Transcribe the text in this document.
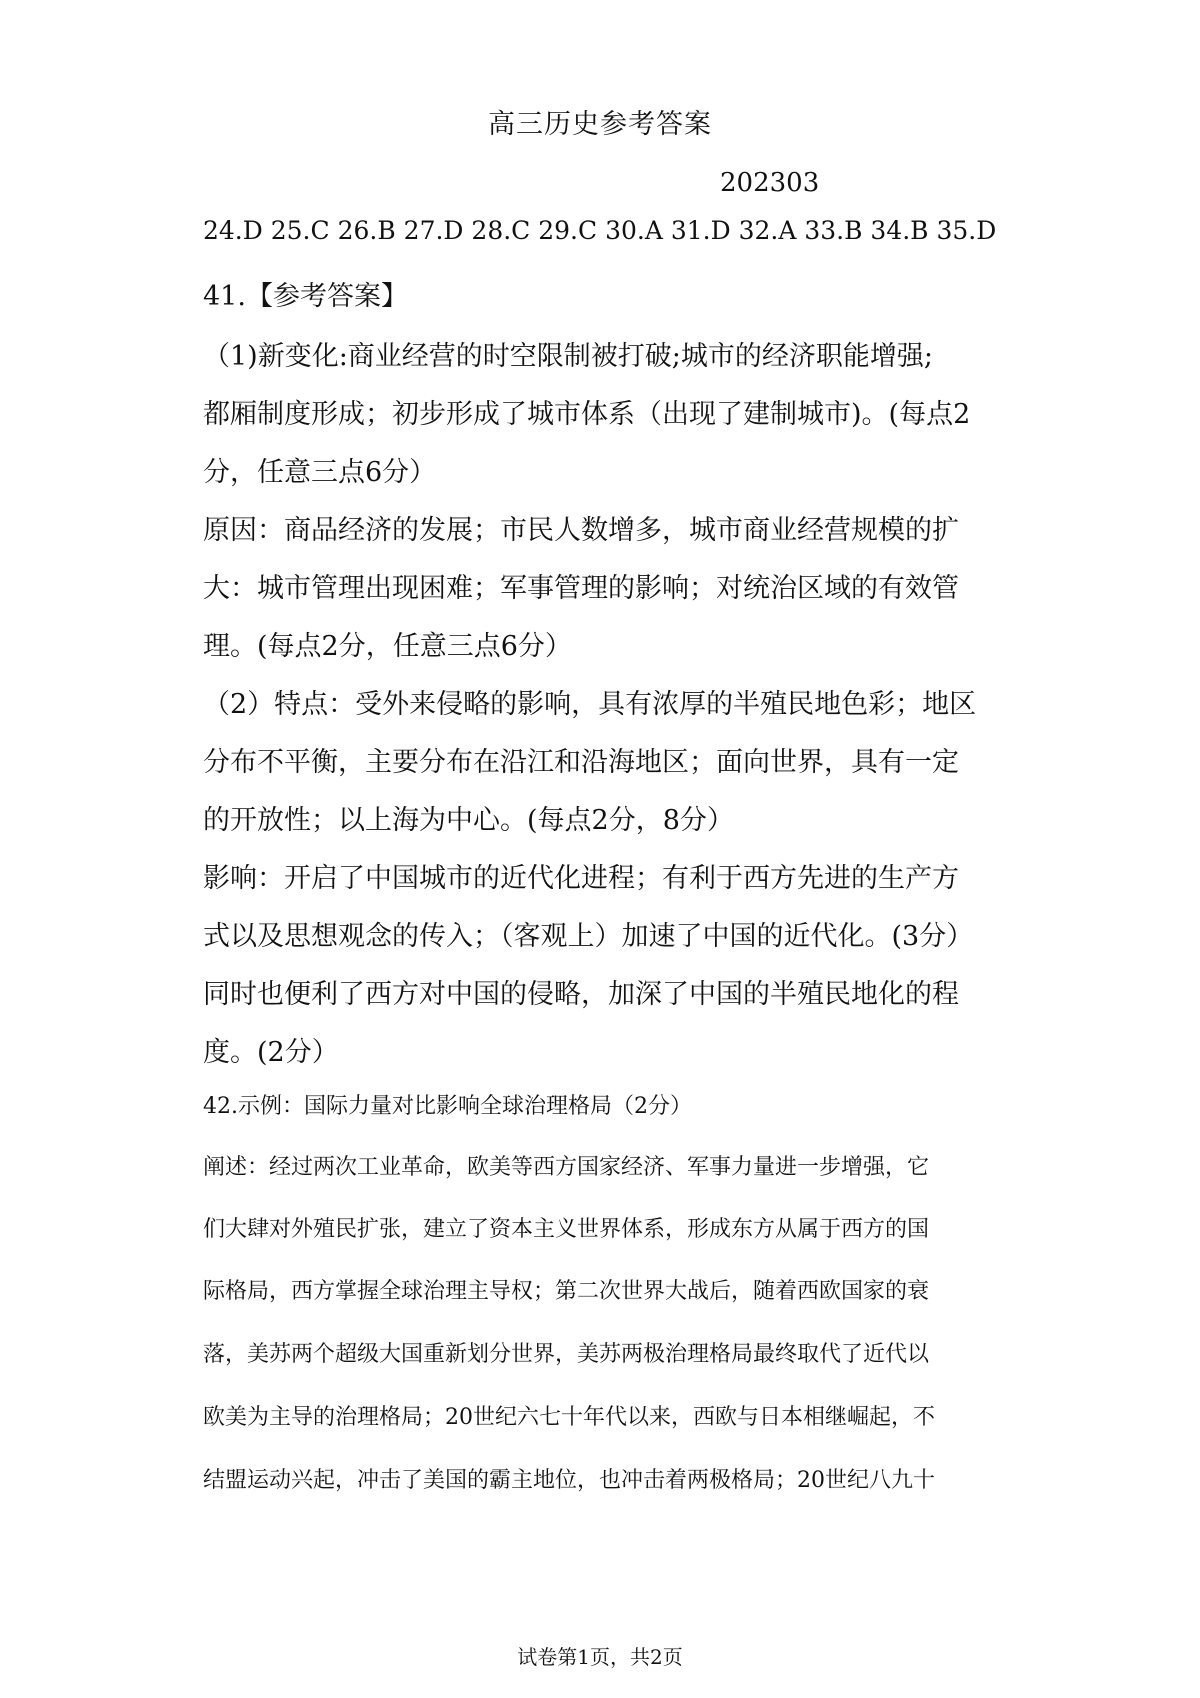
高三历史参考答案
202303
24.D 25.C 26.B 27.D 28.C 29.C 30.A 31.D 32.A 33.B 34.B 35.D
41.【参考答案】
（1)新变化:商业经营的时空限制被打破;城市的经济职能增强;
都厢制度形成；初步形成了城市体系（出现了建制城市)。(每点2
分，任意三点6分）
原因：商品经济的发展；市民人数增多，城市商业经营规模的扩
大：城市管理出现困难；军事管理的影响；对统治区域的有效管
理。(每点2分，任意三点6分）
（2）特点：受外来侵略的影响，具有浓厚的半殖民地色彩；地区
分布不平衡，主要分布在沿江和沿海地区；面向世界，具有一定
的开放性；以上海为中心。(每点2分，8分）
影响：开启了中国城市的近代化进程；有利于西方先进的生产方
式以及思想观念的传入；（客观上）加速了中国的近代化。(3分）
同时也便利了西方对中国的侵略，加深了中国的半殖民地化的程
度。(2分）
42.示例：国际力量对比影响全球治理格局（2分）
阐述：经过两次工业革命，欧美等西方国家经济、军事力量进一步增强，它
们大肆对外殖民扩张，建立了资本主义世界体系，形成东方从属于西方的国
际格局，西方掌握全球治理主导权；第二次世界大战后，随着西欧国家的衰
落，美苏两个超级大国重新划分世界，美苏两极治理格局最终取代了近代以
欧美为主导的治理格局；20世纪六七十年代以来，西欧与日本相继崛起，不
结盟运动兴起，冲击了美国的霸主地位，也冲击着两极格局；20世纪八九十
试卷第1页，共2页
